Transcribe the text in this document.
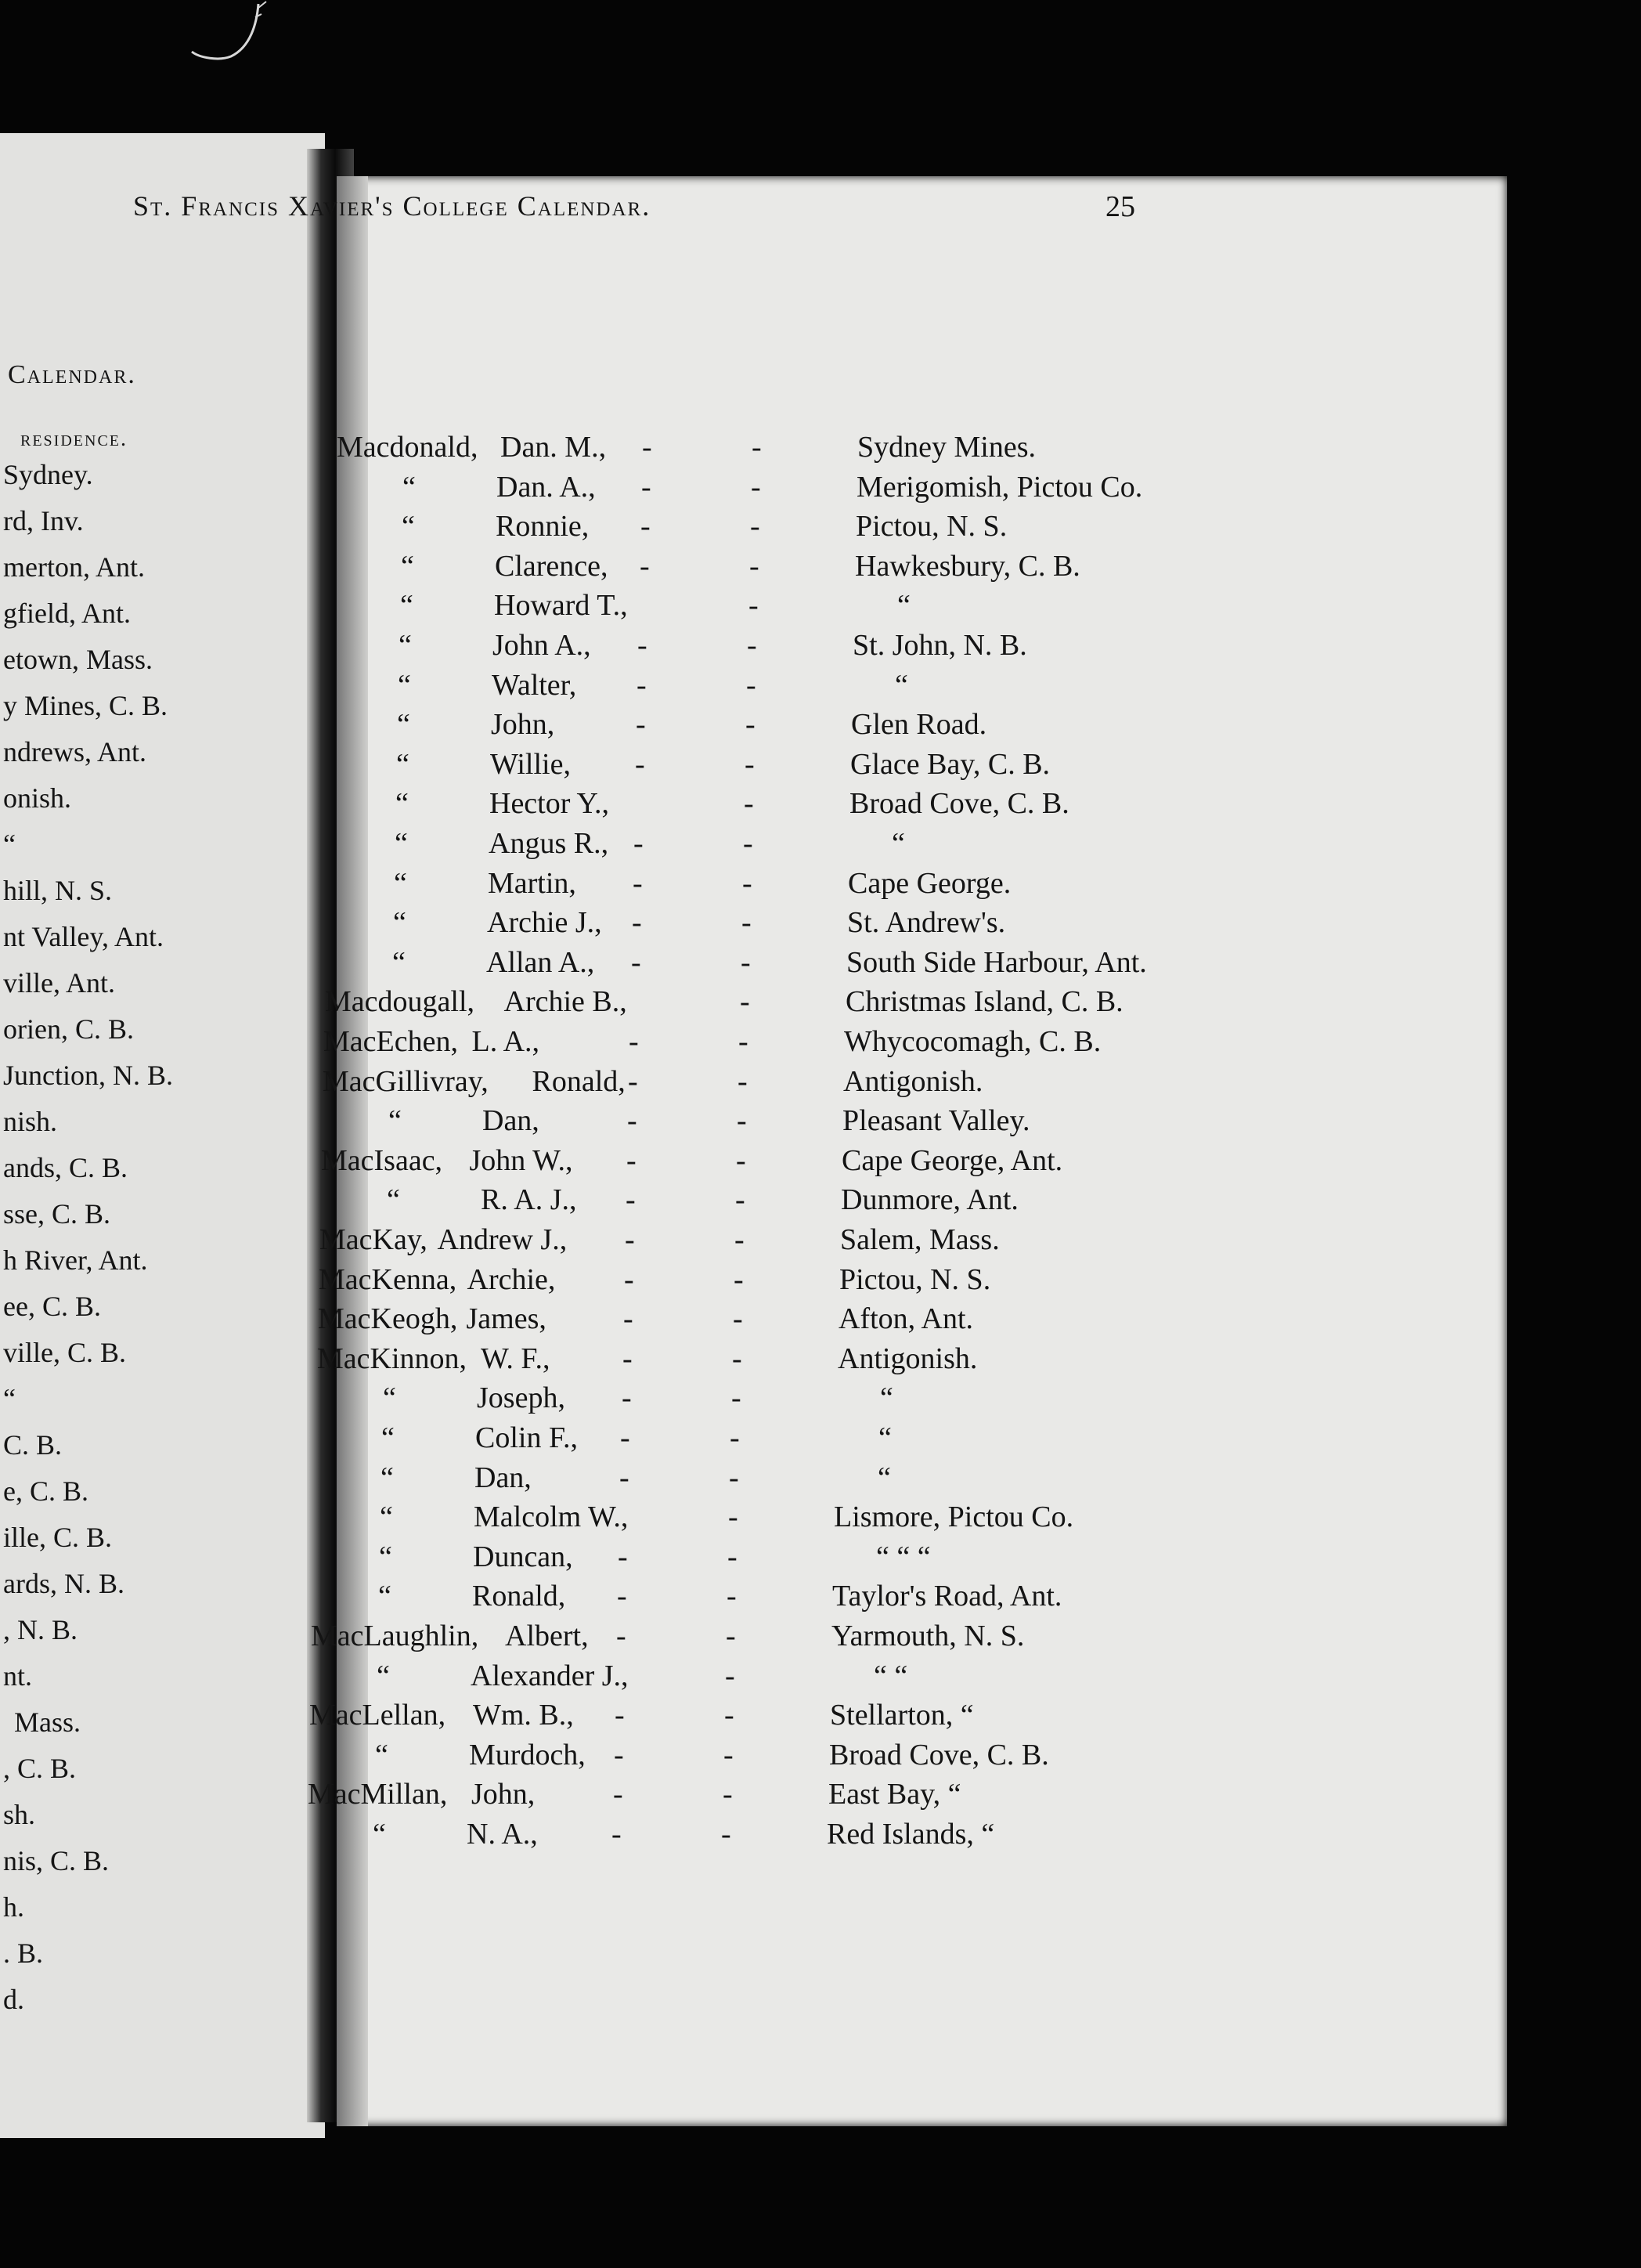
Calendar.
residence.
Sydney.
rd, Inv.
merton, Ant.
gfield, Ant.
etown, Mass.
y Mines, C. B.
ndrews, Ant.
onish.
“
hill, N. S.
nt Valley, Ant.
ville, Ant.
orien, C. B.
Junction, N. B.
nish.
ands, C. B.
sse, C. B.
h River, Ant.
ee, C. B.
ville, C. B.
“
C. B.
e, C. B.
ille, C. B.
ards, N. B.
, N. B.
nt.
Mass.
, C. B.
sh.
nis, C. B.
h.
. B.
d.
St. Francis Xavier's College Calendar.	25
Macdonald, Dan. M., -	-	Sydney Mines.
“	Dan. A., -	-	Merigomish, Pictou Co.
“	Ronnie, -	-	Pictou, N. S.
“	Clarence, -	-	Hawkesbury, C. B.
“	Howard T.,	-	“
“	John A., -	-	St. John, N. B.
“	Walter, -	-	“
“	John,	-	-	Glen Road.
“	Willie, -	-	Glace Bay, C. B.
“	Hector Y.,	-	Broad Cove, C. B.
“	Angus R., -	-	“
“	Martin, -	-	Cape George.
“	Archie J., -	-	St. Andrew's.
“	Allan A., -	-	South Side Harbour, Ant.
Macdougall, Archie B.,	-	Christmas Island, C. B.
MacEchen, L. A.,	-	-	Whycocomagh, C. B.
MacGillivray, Ronald, -	-	Antigonish.
“	Dan,	-	-	Pleasant Valley.
MacIsaac, John W., -	-	Cape George, Ant.
“	R. A. J., -	-	Dunmore, Ant.
MacKay, Andrew J., -	-	Salem, Mass.
MacKenna, Archie, -	-	Pictou, N. S.
MacKeogh, James,	-	-	Afton, Ant.
MacKinnon, W. F., -	-	Antigonish.
“	Joseph, -	-	“
“	Colin F., -	-	“
“	Dan,	-	-	“
“	Malcolm W.,	-	Lismore, Pictou Co.
“	Duncan, -	-	“ “ “
“	Ronald, -	-	Taylor's Road, Ant.
MacLaughlin, Albert, -	-	Yarmouth, N. S.
“	Alexander J.,	-	“ “
MacLellan, Wm. B., -	-	Stellarton, “
“	Murdoch, -	-	Broad Cove, C. B.
MacMillan, John,	-	-	East Bay, “
“	N. A., -	-	Red Islands, “
